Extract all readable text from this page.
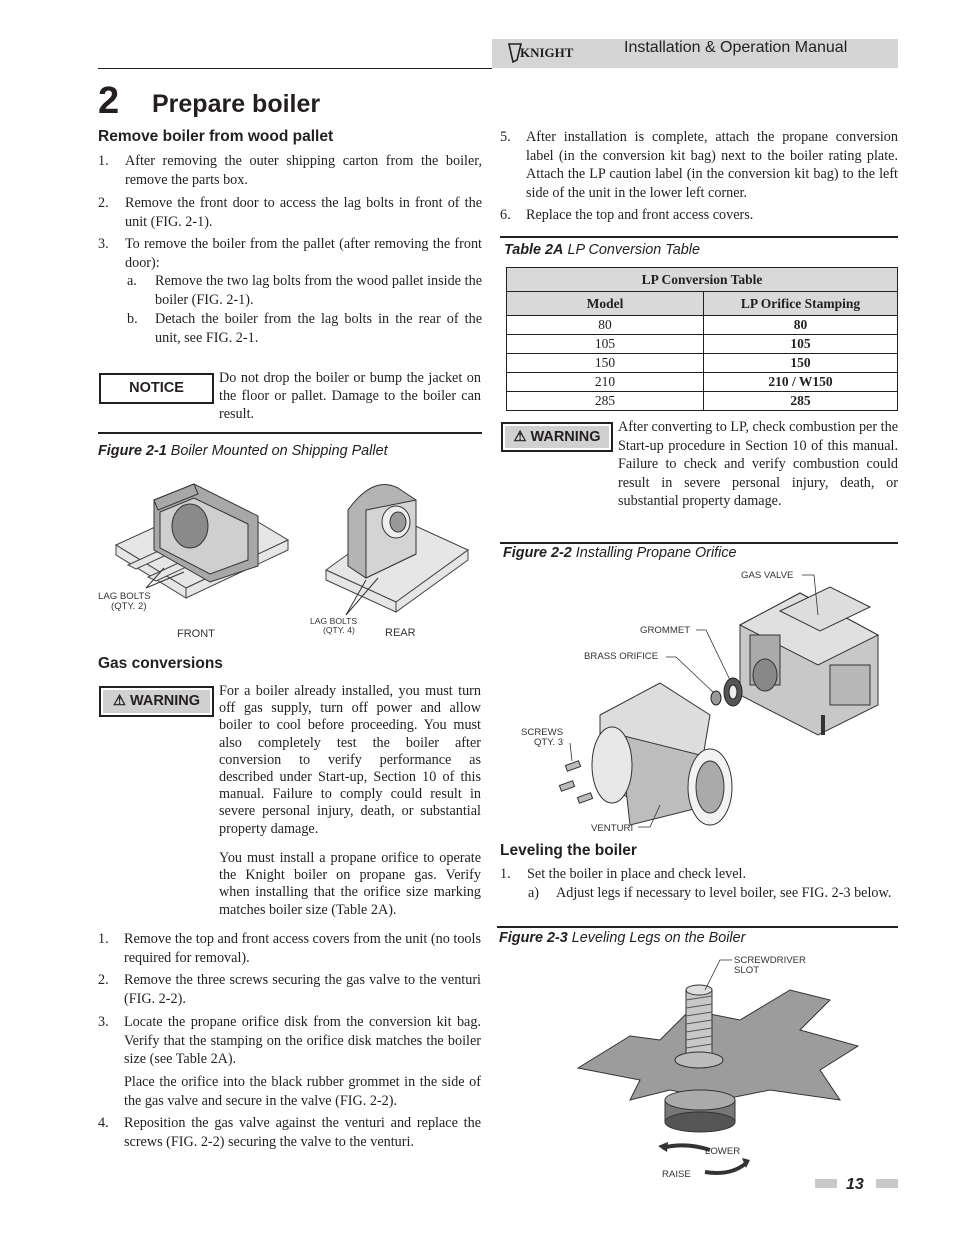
KNIGHT	Installation & Operation Manual
2 Prepare boiler
Remove boiler from wood pallet
1. After removing the outer shipping carton from the boiler, remove the parts box.
2. Remove the front door to access the lag bolts in front of the unit (FIG. 2-1).
3. To remove the boiler from the pallet (after removing the front door):
a. Remove the two lag bolts from the wood pallet inside the boiler (FIG. 2-1).
b. Detach the boiler from the lag bolts in the rear of the unit, see FIG. 2-1.
NOTICE
Do not drop the boiler or bump the jacket on the floor or pallet. Damage to the boiler can result.
Figure 2-1 Boiler Mounted on Shipping Pallet
LAG BOLTS
(QTY. 2)
LAG BOLTS
(QTY. 4)
FRONT	REAR
Gas conversions
⚠ WARNING
For a boiler already installed, you must turn off gas supply, turn off power and allow boiler to cool before proceeding. You must also completely test the boiler after conversion to verify performance as described under Start-up, Section 10 of this manual. Failure to comply could result in severe personal injury, death, or substantial property damage.
You must install a propane orifice to operate the Knight boiler on propane gas. Verify when installing that the orifice size marking matches boiler size (Table 2A).
1. Remove the top and front access covers from the unit (no tools required for removal).
2. Remove the three screws securing the gas valve to the venturi (FIG. 2-2).
3. Locate the propane orifice disk from the conversion kit bag. Verify that the stamping on the orifice disk matches the boiler size (see Table 2A).
Place the orifice into the black rubber grommet in the side of the gas valve and secure in the valve (FIG. 2-2).
4. Reposition the gas valve against the venturi and replace the screws (FIG. 2-2) securing the valve to the venturi.
5. After installation is complete, attach the propane conversion label (in the conversion kit bag) next to the boiler rating plate. Attach the LP caution label (in the conversion kit bag) to the left side of the unit in the lower left corner.
6. Replace the top and front access covers.
Table 2A LP Conversion Table
LP Conversion Table	
Model	LP Orifice Stamping
80	80
105	105
150	150
210	210 / W150
285	285
⚠ WARNING
After converting to LP, check combustion per the Start-up procedure in Section 10 of this manual. Failure to check and verify combustion could result in severe personal injury, death, or substantial property damage.
Figure 2-2 Installing Propane Orifice
GAS VALVE
GROMMET
BRASS ORIFICE
SCREWS
QTY. 3
VENTURI
Leveling the boiler
1. Set the boiler in place and check level.
a) Adjust legs if necessary to level boiler, see FIG. 2-3 below.
Figure 2-3 Leveling Legs on the Boiler
SCREWDRIVER
SLOT
LOWER
RAISE
13
